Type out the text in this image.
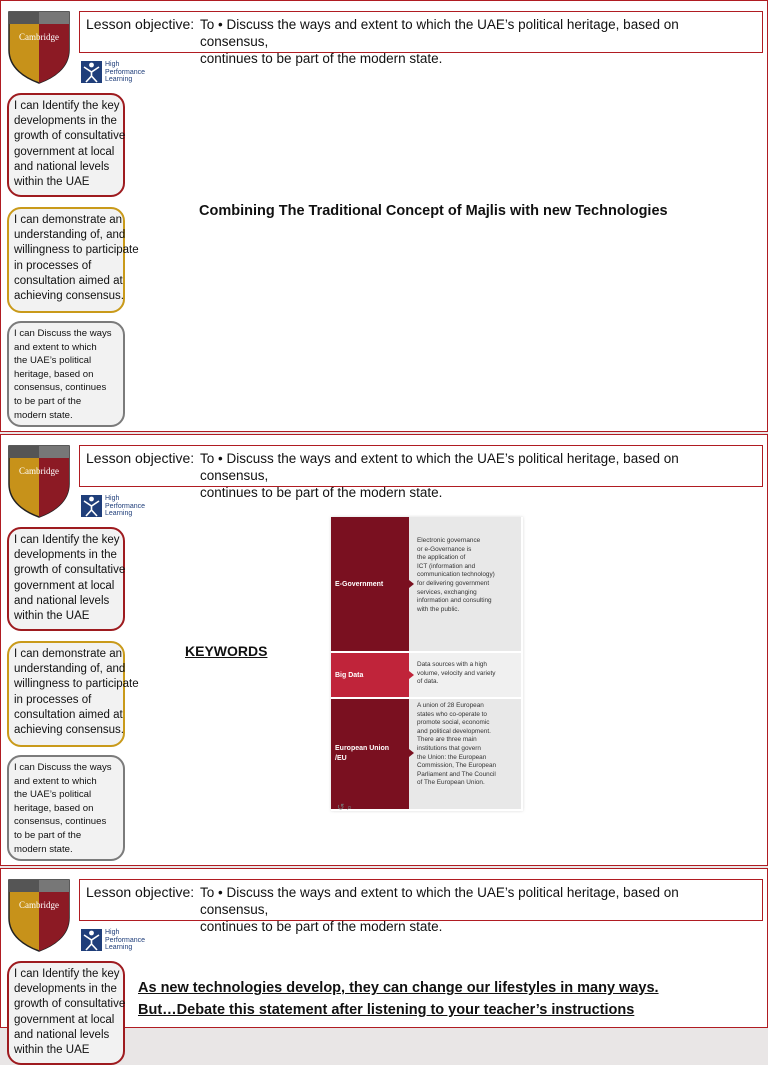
Cambridge
Lesson objective: To • Discuss the ways and extent to which the UAE’s political heritage, based on consensus,
continues to be part of the modern state.
High
Performance
Learning
I can Identify the key
developments in the
growth of consultative
government at local
and national levels
within the UAE
I can demonstrate an
understanding of, and
willingness to participate
in processes of
consultation aimed at
achieving consensus.
I can Discuss the ways
and extent to which
the UAE’s political
heritage, based on
consensus, continues
to be part of the
modern state.
Combining The Traditional Concept of Majlis with new Technologies
Cambridge
Lesson objective: To • Discuss the ways and extent to which the UAE’s political heritage, based on consensus,
continues to be part of the modern state.
High
Performance
Learning
I can Identify the key
developments in the
growth of consultative
government at local
and national levels
within the UAE
I can demonstrate an
understanding of, and
willingness to participate
in processes of
consultation aimed at
achieving consensus.
I can Discuss the ways
and extent to which
the UAE’s political
heritage, based on
consensus, continues
to be part of the
modern state.
KEYWORDS
E-Government
Electronic governance
or e-Governance is
the application of
ICT (information and
communication technology)
for delivering government
services, exchanging
information and consulting
with the public.
Big Data
Data sources with a high
volume, velocity and variety
of data.
European Union /EU
A union of 28 European
states who co-operate to
promote social, economic
and political development.
There are three main
institutions that govern
the Union: the European
Commission, The European
Parliament and The Council
of The European Union.
↺ ⌕
Cambridge
Lesson objective: To • Discuss the ways and extent to which the UAE’s political heritage, based on consensus,
continues to be part of the modern state.
High
Performance
Learning
I can Identify the key
developments in the
growth of consultative
government at local
and national levels
within the UAE
As new technologies develop, they can change our lifestyles in many ways.
But…Debate this statement after listening to your teacher’s instructions
